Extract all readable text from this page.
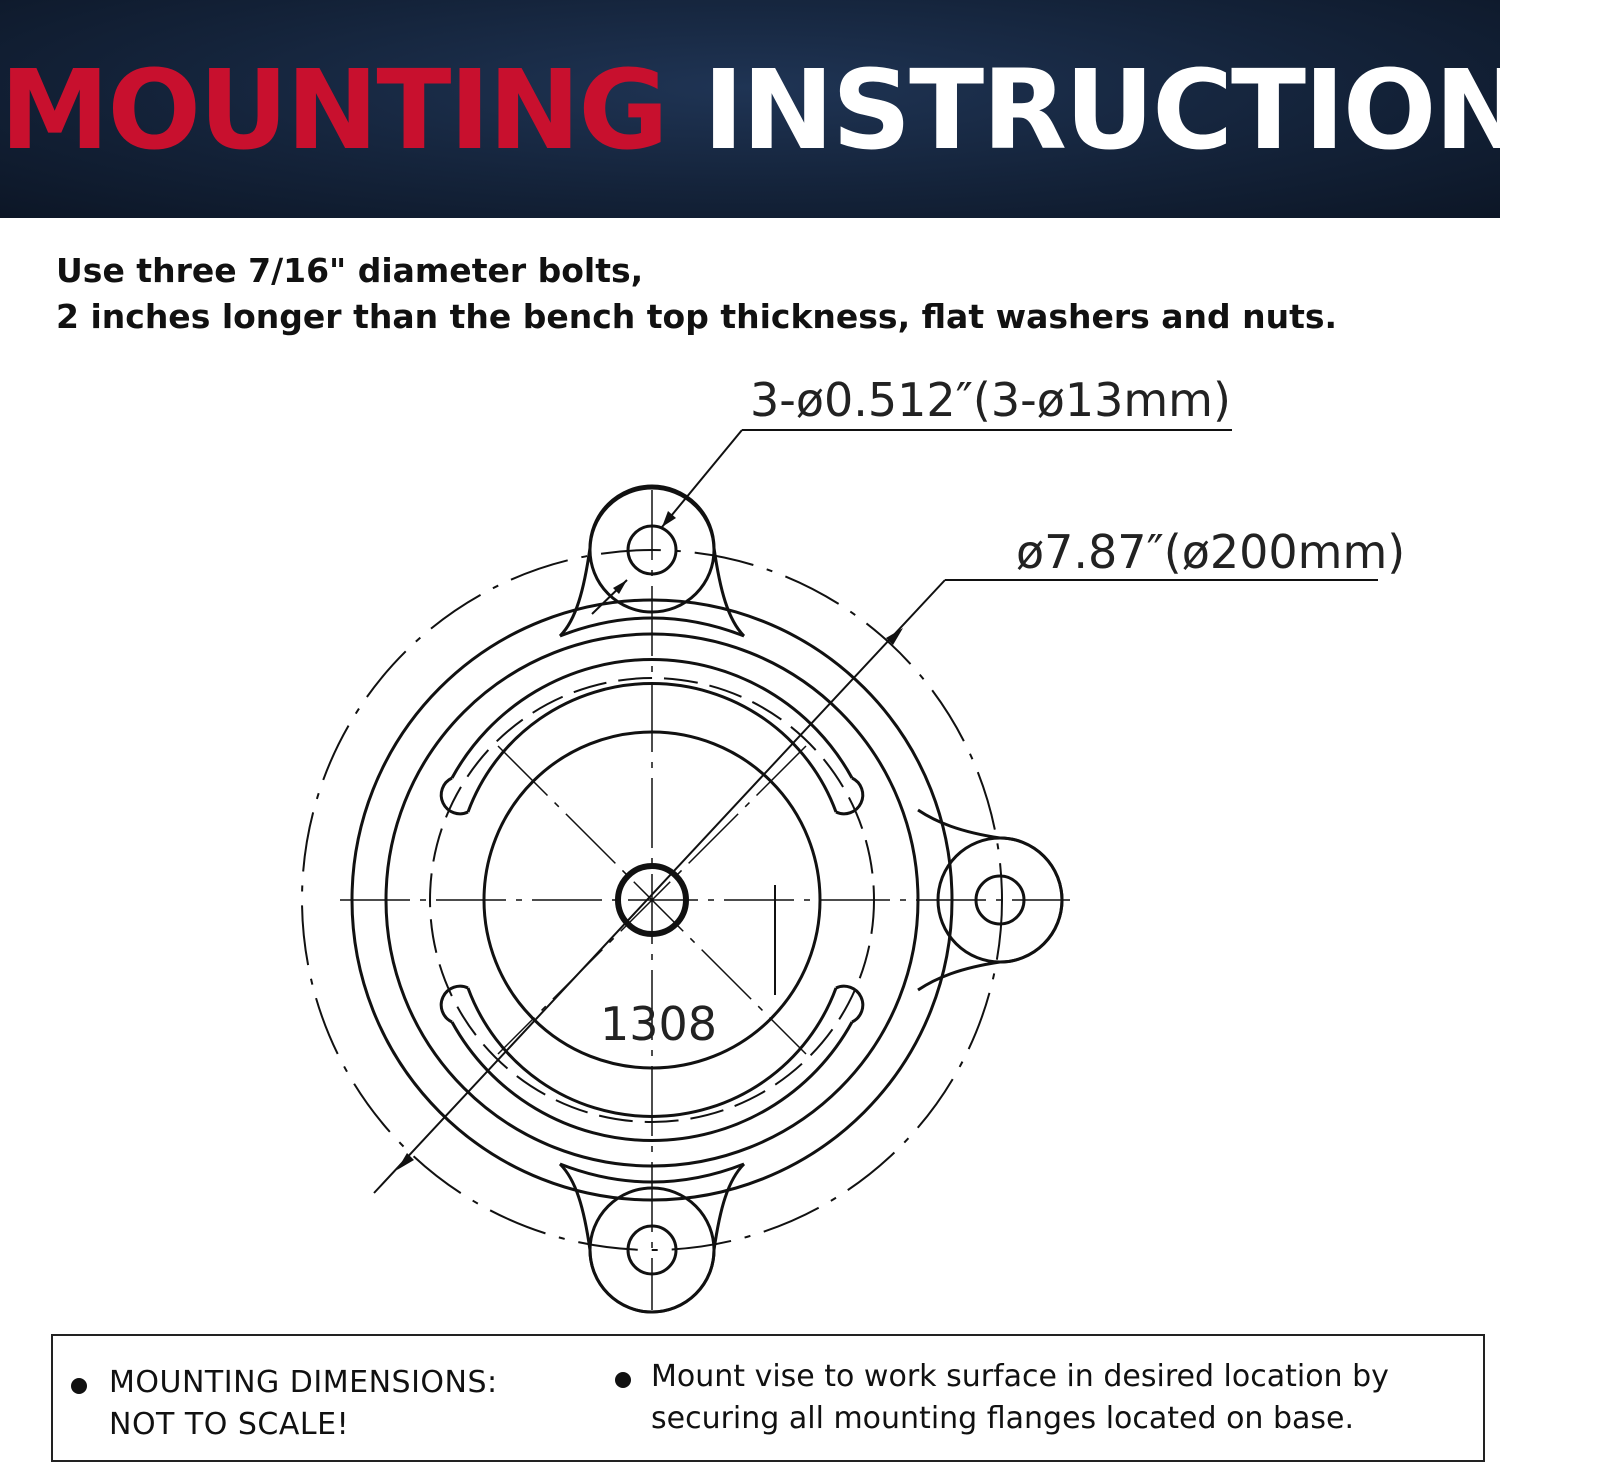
MOUNTING INSTRUCTIONS
Use three 7/16" diameter bolts,
2 inches longer than the bench top thickness, flat washers and nuts.
3-ø0.512″(3-ø13mm)
ø7.87″(ø200mm)
1308
MOUNTING DIMENSIONS:
NOT TO SCALE!
Mount vise to work surface in desired location by
securing all mounting flanges located on base.
